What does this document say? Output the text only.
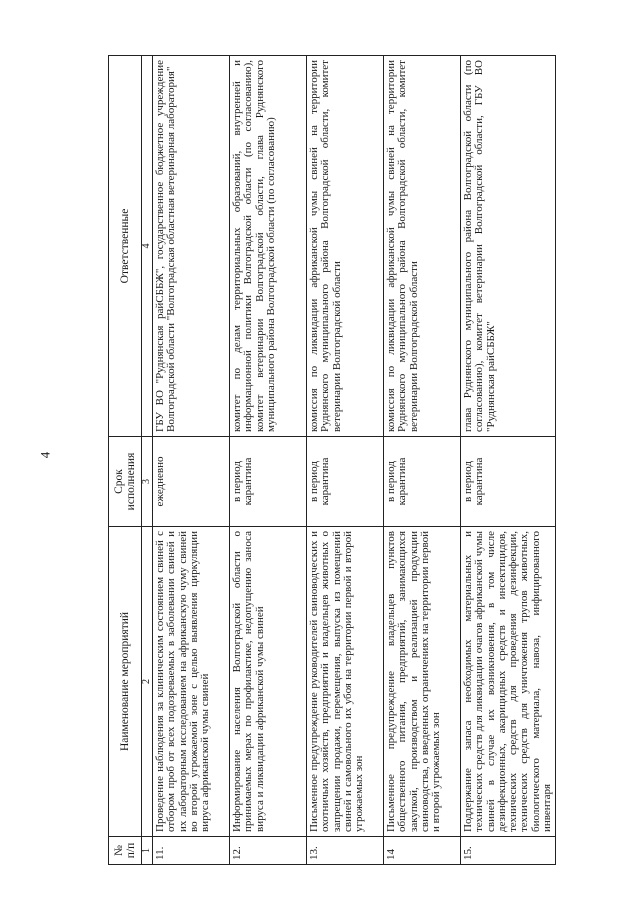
4
№ п/п	Наименование мероприятий	Срок исполнения	Ответственные
1	2	3	4
11.	Проведение наблюдения за клиническим состоянием свиней с отбором проб от всех подозреваемых в заболевании свиней и их лабораторным исследованием на африканскую чуму свиней во второй угрожаемой зоне с целью выявления циркуляции вируса африканской чумы свиней	ежедневно	ГБУ ВО "Руднянская райСББЖ", государственное бюджетное учреждение Волгоградской области "Волгоградская областная ветеринарная лаборатория"
12.	Информирование населения Волгоградской области о принимаемых мерах по профилактике, недопущению заноса вируса и ликвидации африканской чумы свиней	в период карантина	комитет по делам территориальных образований, внутренней и информационной политики Волгоградской области (по согласованию), комитет ветеринарии Волгоградской области, глава Руднянского муниципального района Волгоградской области (по согласованию)
13.	Письменное предупреждение руководителей свиноводческих и охотничьих хозяйств, предприятий и владельцев животных о запрещении продажи, перемещения, выпуска из помещений свиней и самовольного их убоя на территории первой и второй угрожаемых зон	в период карантина	комиссия по ликвидации африканской чумы свиней на территории Руднянского муниципального района Волгоградской области, комитет ветеринарии Волгоградской области
14	Письменное предупреждение владельцев пунктов общественного питания, предприятий, занимающихся закупкой, производством и реализацией продукции свиноводства, о введенных ограничениях на территории первой и второй угрожаемых зон	в период карантина	комиссия по ликвидации африканской чумы свиней на территории Руднянского муниципального района Волгоградской области, комитет ветеринарии Волгоградской области
15.	Поддержание запаса необходимых материальных и технических средств для ликвидации очагов африканской чумы свиней в случае их возникновения, в том числе дезинфекционных, акарицидных средств и инсектицидов, технических средств для проведения дезинфекции, технических средств для уничтожения трупов животных, биологического материала, навоза, инфицированного инвентаря	в период карантина	глава Руднянского муниципального района Волгоградской области (по согласованию), комитет ветеринарии Волгоградской области, ГБУ ВО "Руднянская райСББЖ"
